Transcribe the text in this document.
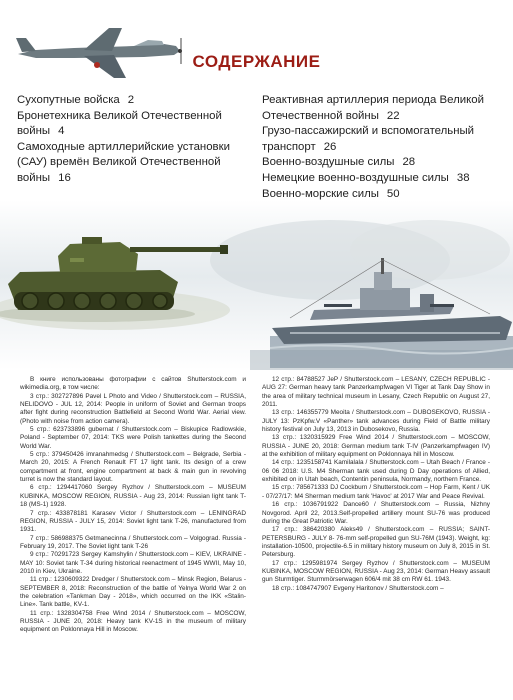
СОДЕРЖАНИЕ
Сухопутные войска 2
Бронетехника Великой Отечественной войны 4
Самоходные артиллерийские установки (САУ) времён Великой Отечественной войны 16
Реактивная артиллерия периода Великой Отечественной войны 22
Грузо-пассажирский и вспомогательный транспорт 26
Военно-воздушные силы 28
Немецкие военно-воздушные силы 38
Военно-морские силы 50
В книге использованы фотографии с сайтов Shutterstock.com и wikimedia.org, в том числе:
3 стр.: 302727896 Pavel L Photo and Video / Shutterstock.com – RUSSIA, NELIDOVO - JUL 12, 2014: People in uniform of Soviet and German troops after fight during reconstruction Battlefield at Second World War. Aerial view. (Photo with noise from action camera).
5 стр.: 623733896 gubernat / Shutterstock.com – Biskupice Radlowskie, Poland - September 07, 2014: TKS were Polish tankettes during the Second World War.
5 стр.: 379450426 imranahmedsg / Shutterstock.com – Belgrade, Serbia - March 20, 2015: A French Renault FT 17 light tank. Its design of a crew compartment at front, engine compartment at back & main gun in revolving turret is now the standard layout.
6 стр.: 1294417060 Sergey Ryzhov / Shutterstock.com – MUSEUM KUBINKA, MOSCOW REGION, RUSSIA - Aug 23, 2014: Russian light tank T-18 (MS-1) 1928.
7 стр.: 433878181 Karasev Victor / Shutterstock.com – LENINGRAD REGION, RUSSIA - JULY 15, 2014: Soviet light tank T-26, manufactured from 1931.
7 стр.: 586988375 Getmanecinna / Shutterstock.com – Volgograd. Russia - February 19, 2017. The Soviet light tank T-26
9 стр.: 70291723 Sergey Kamshylin / Shutterstock.com – KIEV, UKRAINE - MAY 10: Soviet tank T-34 during historical reenactment of 1945 WWII, May 10, 2010 in Kiev, Ukraine.
11 стр.: 1230609322 Dredger / Shutterstock.com – Minsk Region, Belarus - SEPTEMBER 8, 2018: Reconstruction of the battle of Yelnya World War 2 on the celebration «Tankman Day - 2018», which occurred on the IKK «Stalin-Line». Tank battle, KV-1.
11 стр.: 1328304758 Free Wind 2014 / Shutterstock.com – MOSCOW, RUSSIA - JUNE 20, 2018: Heavy tank KV-1S in the museum of military equipment on Poklonnaya Hill in Moscow.
12 стр.: 84788527 JeP / Shutterstock.com – LESANY, CZECH REPUBLIC - AUG 27: German heavy tank Panzerkampfwagen VI Tiger at Tank Day Show in the area of military technical museum in Lesany, Czech Republic on August 27, 2011.
13 стр.: 146355779 Meoita / Shutterstock.com – DUBOSEKOVO, RUSSIA - JULY 13: PzKpfw.V «Panther» tank advances during Field of Battle military history festival on July 13, 2013 in Dubosekovo, Russia.
13 стр.: 1320315929 Free Wind 2014 / Shutterstock.com – MOSCOW, RUSSIA - JUNE 20, 2018: German medium tank T-IV (Panzerkampfwagen IV) at the exhibition of military equipment on Poklonnaya hill in Moscow.
14 стр.: 1235158741 Kamilalala / Shutterstock.com – Utah Beach / France - 06 06 2018: U.S. M4 Sherman tank used during D Day operations of Allied, exhibited on in Utah beach, Contentin peninsula, Normandy, northern France.
15 стр.: 785671333 DJ Cockburn / Shutterstock.com – Hop Farm, Kent / UK - 07/27/17: M4 Sherman medium tank 'Havoc' at 2017 War and Peace Revival.
16 стр.: 1036791922 Dance60 / Shutterstock.com – Russia, Nizhny Novgorod. April 22, 2013.Self-propelled artillery mount SU-76 was produced during the Great Patriotic War.
17 стр.: 386420380 Aleks49 / Shutterstock.com – RUSSIA; SAINT-PETERSBURG - JULY 8- 76-mm self-propelled gun SU-76M (1943). Weight, kg: installation-10500, projectile-6.5 in military history museum on July 8, 2015 in St. Petersburg.
17 стр.: 1295981974 Sergey Ryzhov / Shutterstock.com – MUSEUM KUBINKA, MOSCOW REGION, RUSSIA - Aug 23, 2014: German Heavy assault gun Sturmtiger. Sturmmörserwagen 606/4 mit 38 cm RW 61. 1943.
18 стр.: 1084747907 Evgeny Haritonov / Shutterstock.com –
